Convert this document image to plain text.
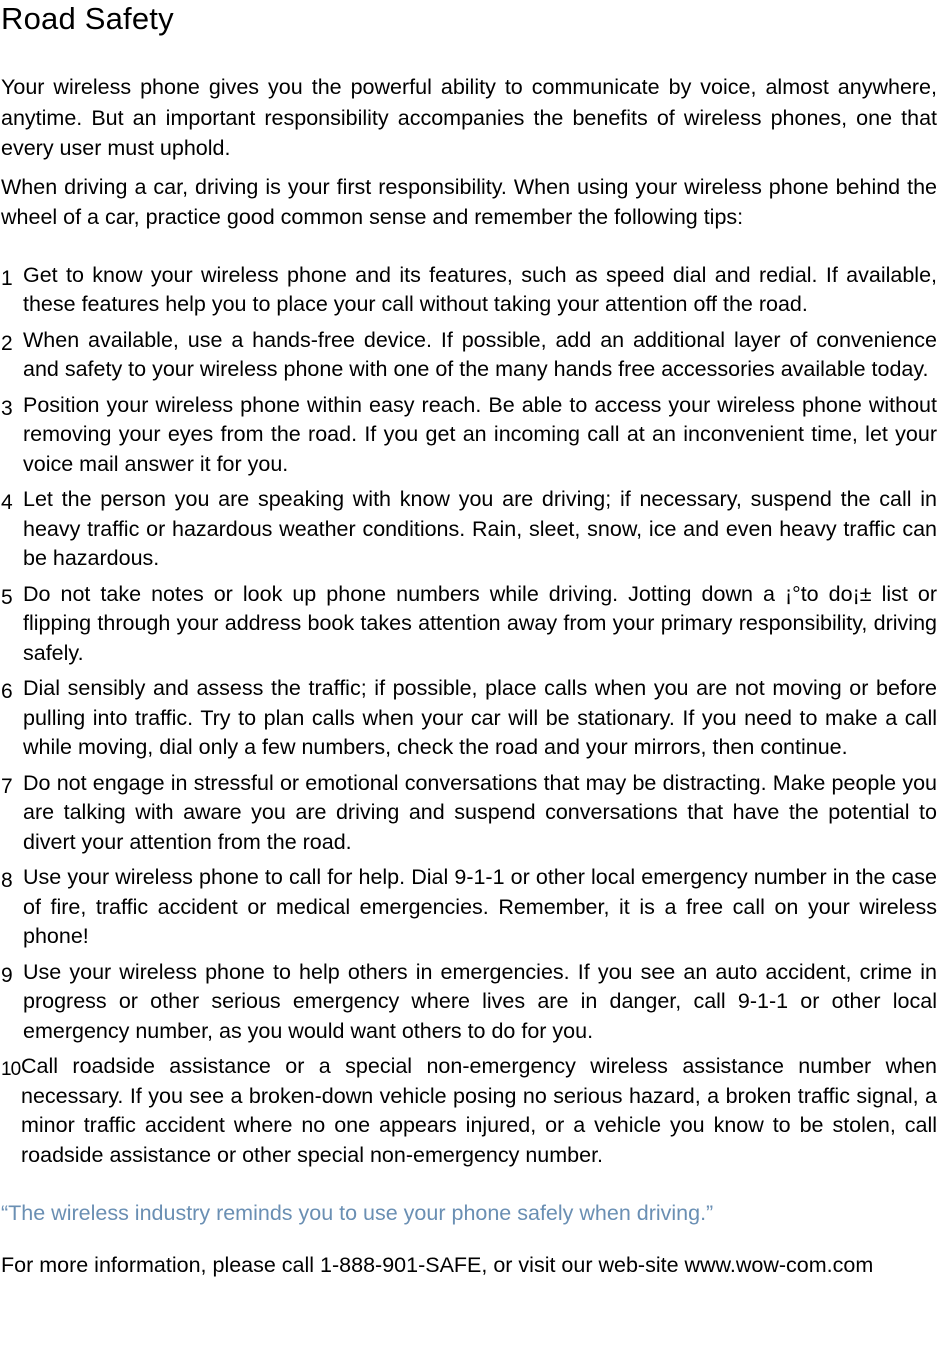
Road Safety

Your wireless phone gives you the powerful ability to communicate by voice, almost anywhere, anytime. But an important responsibility accompanies the benefits of wireless phones, one that every user must uphold.

When driving a car, driving is your first responsibility. When using your wireless phone behind the wheel of a car, practice good common sense and remember the following tips:

1 Get to know your wireless phone and its features, such as speed dial and redial. If available, these features help you to place your call without taking your attention off the road.
2 When available, use a hands-free device. If possible, add an additional layer of convenience and safety to your wireless phone with one of the many hands free accessories available today.
3 Position your wireless phone within easy reach. Be able to access your wireless phone without removing your eyes from the road. If you get an incoming call at an inconvenient time, let your voice mail answer it for you.
4 Let the person you are speaking with know you are driving; if necessary, suspend the call in heavy traffic or hazardous weather conditions. Rain, sleet, snow, ice and even heavy traffic can be hazardous.
5 Do not take notes or look up phone numbers while driving. Jotting down a ¡°to do¡± list or flipping through your address book takes attention away from your primary responsibility, driving safely.
6 Dial sensibly and assess the traffic; if possible, place calls when you are not moving or before pulling into traffic. Try to plan calls when your car will be stationary. If you need to make a call while moving, dial only a few numbers, check the road and your mirrors, then continue.
7 Do not engage in stressful or emotional conversations that may be distracting. Make people you are talking with aware you are driving and suspend conversations that have the potential to divert your attention from the road.
8 Use your wireless phone to call for help. Dial 9-1-1 or other local emergency number in the case of fire, traffic accident or medical emergencies. Remember, it is a free call on your wireless phone!
9 Use your wireless phone to help others in emergencies. If you see an auto accident, crime in progress or other serious emergency where lives are in danger, call 9-1-1 or other local emergency number, as you would want others to do for you.
10 Call roadside assistance or a special non-emergency wireless assistance number when necessary. If you see a broken-down vehicle posing no serious hazard, a broken traffic signal, a minor traffic accident where no one appears injured, or a vehicle you know to be stolen, call roadside assistance or other special non-emergency number.

“The wireless industry reminds you to use your phone safely when driving.”

For more information, please call 1-888-901-SAFE, or visit our web-site www.wow-com.com
